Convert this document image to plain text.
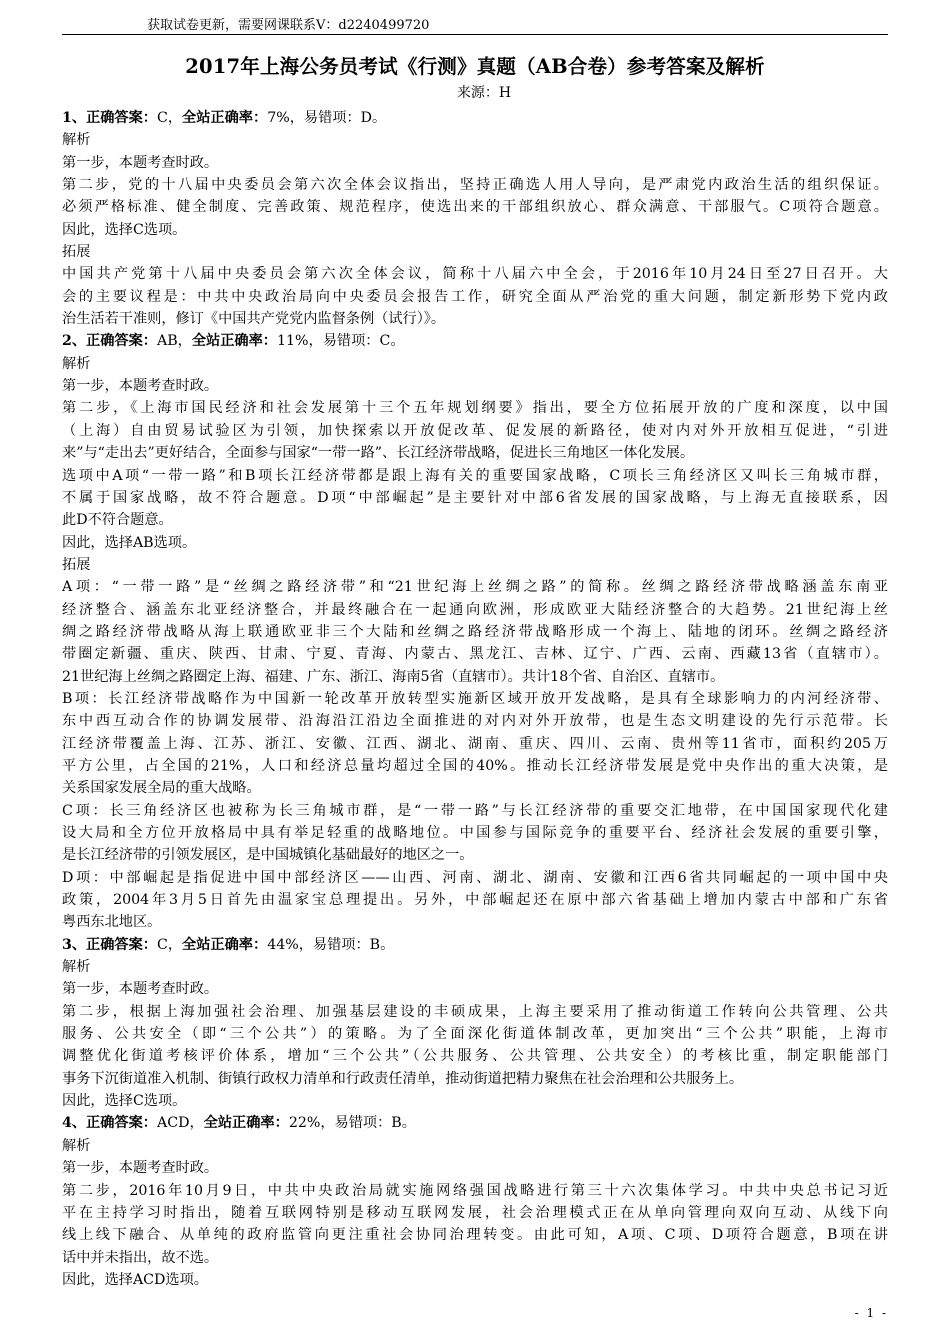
获取试卷更新，需要网课联系V：d2240499720
2017年上海公务员考试《行测》真题（AB合卷）参考答案及解析
来源：H
1、正确答案：C，全站正确率：7%，易错项：D。
解析
第一步，本题考查时政。
第二步，党的十八届中央委员会第六次全体会议指出，坚持正确选人用人导向，是严肃党内政治生活的组织保证。
必须严格标准、健全制度、完善政策、规范程序，使选出来的干部组织放心、群众满意、干部服气。C项符合题意。
因此，选择C选项。
拓展
中国共产党第十八届中央委员会第六次全体会议，简称十八届六中全会，于2016年10月24日至27日召开。大
会的主要议程是：中共中央政治局向中央委员会报告工作，研究全面从严治党的重大问题，制定新形势下党内政
治生活若干准则，修订《中国共产党党内监督条例（试行）》。
2、正确答案：AB，全站正确率：11%，易错项：C。
解析
第一步，本题考查时政。
第二步，《上海市国民经济和社会发展第十三个五年规划纲要》指出，要全方位拓展开放的广度和深度，以中国
（上海）自由贸易试验区为引领，加快探索以开放促改革、促发展的新路径，使对内对外开放相互促进，“引进
来”与“走出去”更好结合，全面参与国家“一带一路”、长江经济带战略，促进长三角地区一体化发展。
选项中A项“一带一路”和B项长江经济带都是跟上海有关的重要国家战略，C项长三角经济区又叫长三角城市群，
不属于国家战略，故不符合题意。D项“中部崛起”是主要针对中部6省发展的国家战略，与上海无直接联系，因
此D不符合题意。
因此，选择AB选项。
拓展
A项：“一带一路”是“丝绸之路经济带”和“21世纪海上丝绸之路”的简称。丝绸之路经济带战略涵盖东南亚
经济整合、涵盖东北亚经济整合，并最终融合在一起通向欧洲，形成欧亚大陆经济整合的大趋势。21世纪海上丝
绸之路经济带战略从海上联通欧亚非三个大陆和丝绸之路经济带战略形成一个海上、陆地的闭环。丝绸之路经济
带圈定新疆、重庆、陕西、甘肃、宁夏、青海、内蒙古、黑龙江、吉林、辽宁、广西、云南、西藏13省（直辖市）。
21世纪海上丝绸之路圈定上海、福建、广东、浙江、海南5省（直辖市）。共计18个省、自治区、直辖市。
B项：长江经济带战略作为中国新一轮改革开放转型实施新区域开放开发战略，是具有全球影响力的内河经济带、
东中西互动合作的协调发展带、沿海沿江沿边全面推进的对内对外开放带，也是生态文明建设的先行示范带。长
江经济带覆盖上海、江苏、浙江、安徽、江西、湖北、湖南、重庆、四川、云南、贵州等11省市，面积约205万
平方公里，占全国的21%，人口和经济总量均超过全国的40%。推动长江经济带发展是党中央作出的重大决策，是
关系国家发展全局的重大战略。
C项：长三角经济区也被称为长三角城市群，是“一带一路”与长江经济带的重要交汇地带，在中国国家现代化建
设大局和全方位开放格局中具有举足轻重的战略地位。中国参与国际竞争的重要平台、经济社会发展的重要引擎，
是长江经济带的引领发展区，是中国城镇化基础最好的地区之一。
D项：中部崛起是指促进中国中部经济区——山西、河南、湖北、湖南、安徽和江西6省共同崛起的一项中国中央
政策，2004年3月5日首先由温家宝总理提出。另外，中部崛起还在原中部六省基础上增加内蒙古中部和广东省
粤西东北地区。
3、正确答案：C，全站正确率：44%，易错项：B。
解析
第一步，本题考查时政。
第二步，根据上海加强社会治理、加强基层建设的丰硕成果，上海主要采用了推动街道工作转向公共管理、公共
服务、公共安全（即“三个公共”）的策略。为了全面深化街道体制改革，更加突出“三个公共”职能，上海市
调整优化街道考核评价体系，增加“三个公共”（公共服务、公共管理、公共安全）的考核比重，制定职能部门
事务下沉街道准入机制、街镇行政权力清单和行政责任清单，推动街道把精力聚焦在社会治理和公共服务上。
因此，选择C选项。
4、正确答案：ACD，全站正确率：22%，易错项：B。
解析
第一步，本题考查时政。
第二步，2016年10月9日，中共中央政治局就实施网络强国战略进行第三十六次集体学习。中共中央总书记习近
平在主持学习时指出，随着互联网特别是移动互联网发展，社会治理模式正在从单向管理向双向互动、从线下向
线上线下融合、从单纯的政府监管向更注重社会协同治理转变。由此可知，A项、C项、D项符合题意，B项在讲
话中并未指出，故不选。
因此，选择ACD选项。
- 1 -
